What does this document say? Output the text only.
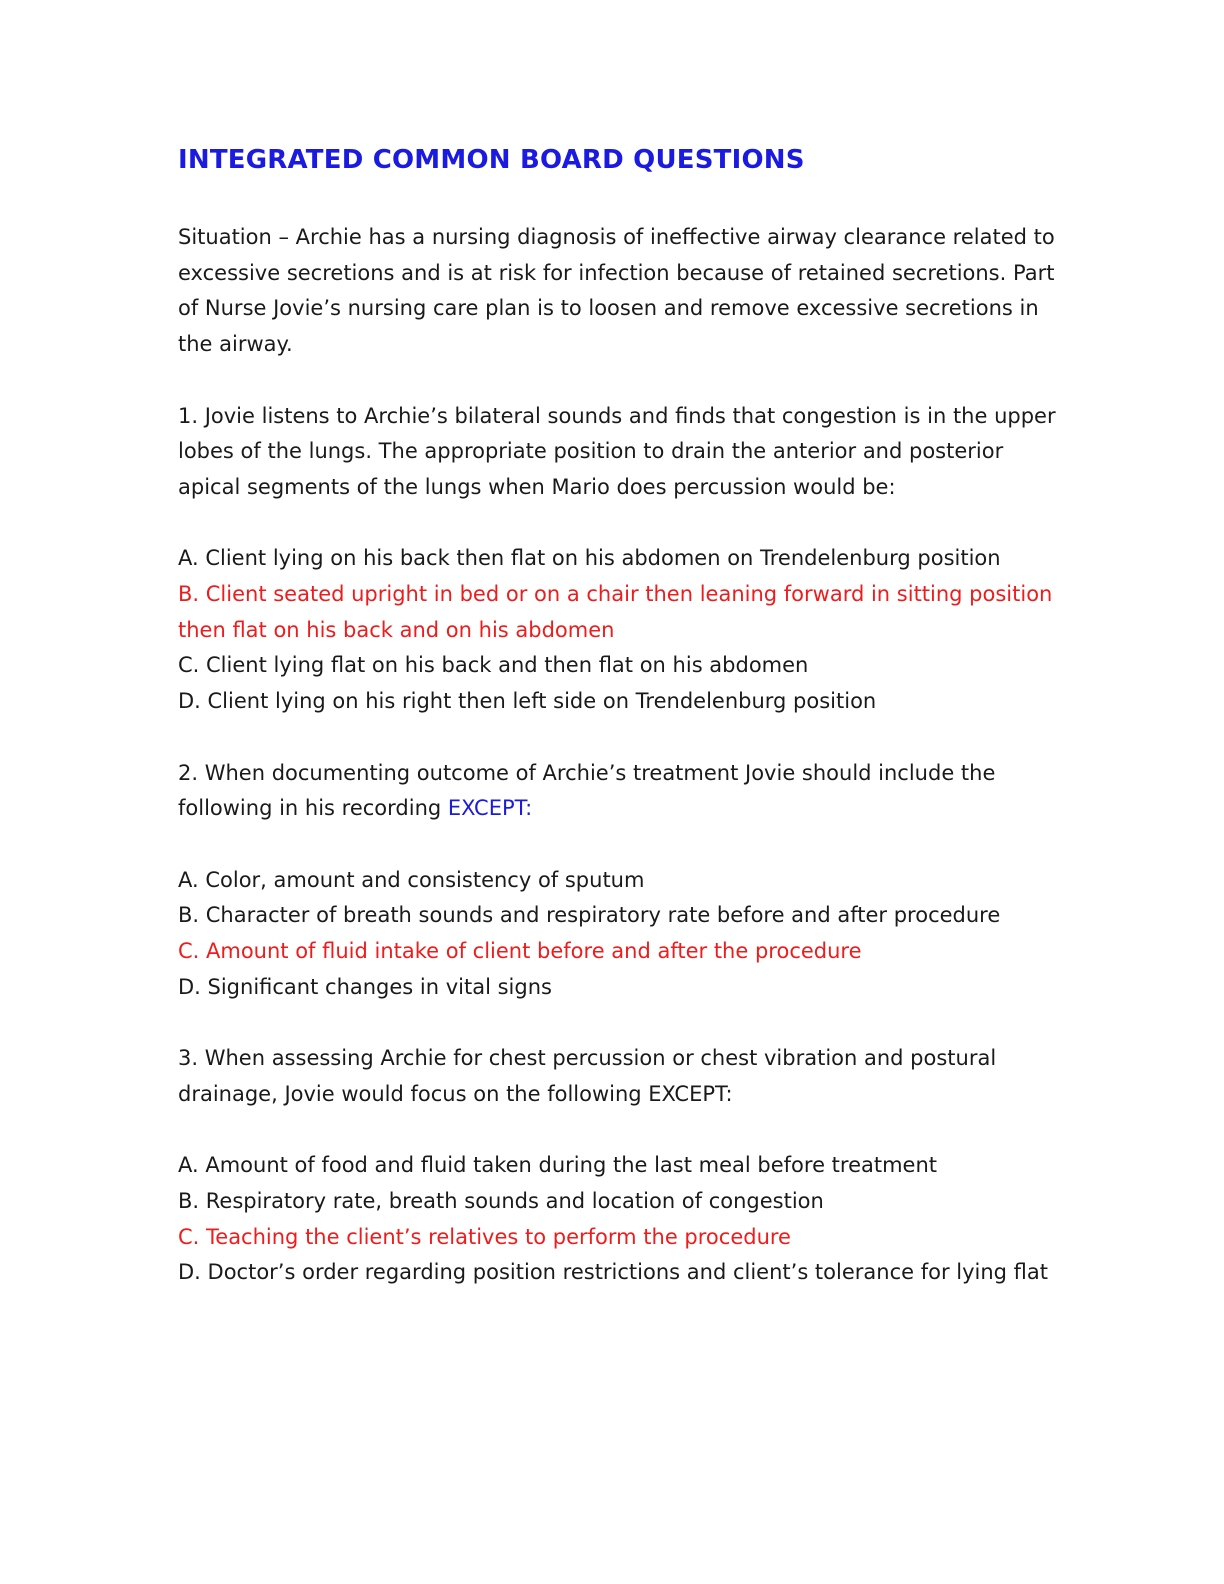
INTEGRATED COMMON BOARD QUESTIONS

Situation – Archie has a nursing diagnosis of ineffective airway clearance related to excessive secretions and is at risk for infection because of retained secretions. Part of Nurse Jovie’s nursing care plan is to loosen and remove excessive secretions in the airway.

1. Jovie listens to Archie’s bilateral sounds and finds that congestion is in the upper lobes of the lungs. The appropriate position to drain the anterior and posterior apical segments of the lungs when Mario does percussion would be:

A. Client lying on his back then flat on his abdomen on Trendelenburg position

B. Client seated upright in bed or on a chair then leaning forward in sitting position then flat on his back and on his abdomen

C. Client lying flat on his back and then flat on his abdomen

D. Client lying on his right then left side on Trendelenburg position

2. When documenting outcome of Archie’s treatment Jovie should include the following in his recording EXCEPT:

A. Color, amount and consistency of sputum

B. Character of breath sounds and respiratory rate before and after procedure

C. Amount of fluid intake of client before and after the procedure

D. Significant changes in vital signs

3. When assessing Archie for chest percussion or chest vibration and postural drainage, Jovie would focus on the following EXCEPT:

A. Amount of food and fluid taken during the last meal before treatment

B. Respiratory rate, breath sounds and location of congestion

C. Teaching the client’s relatives to perform the procedure

D. Doctor’s order regarding position restrictions and client’s tolerance for lying flat
